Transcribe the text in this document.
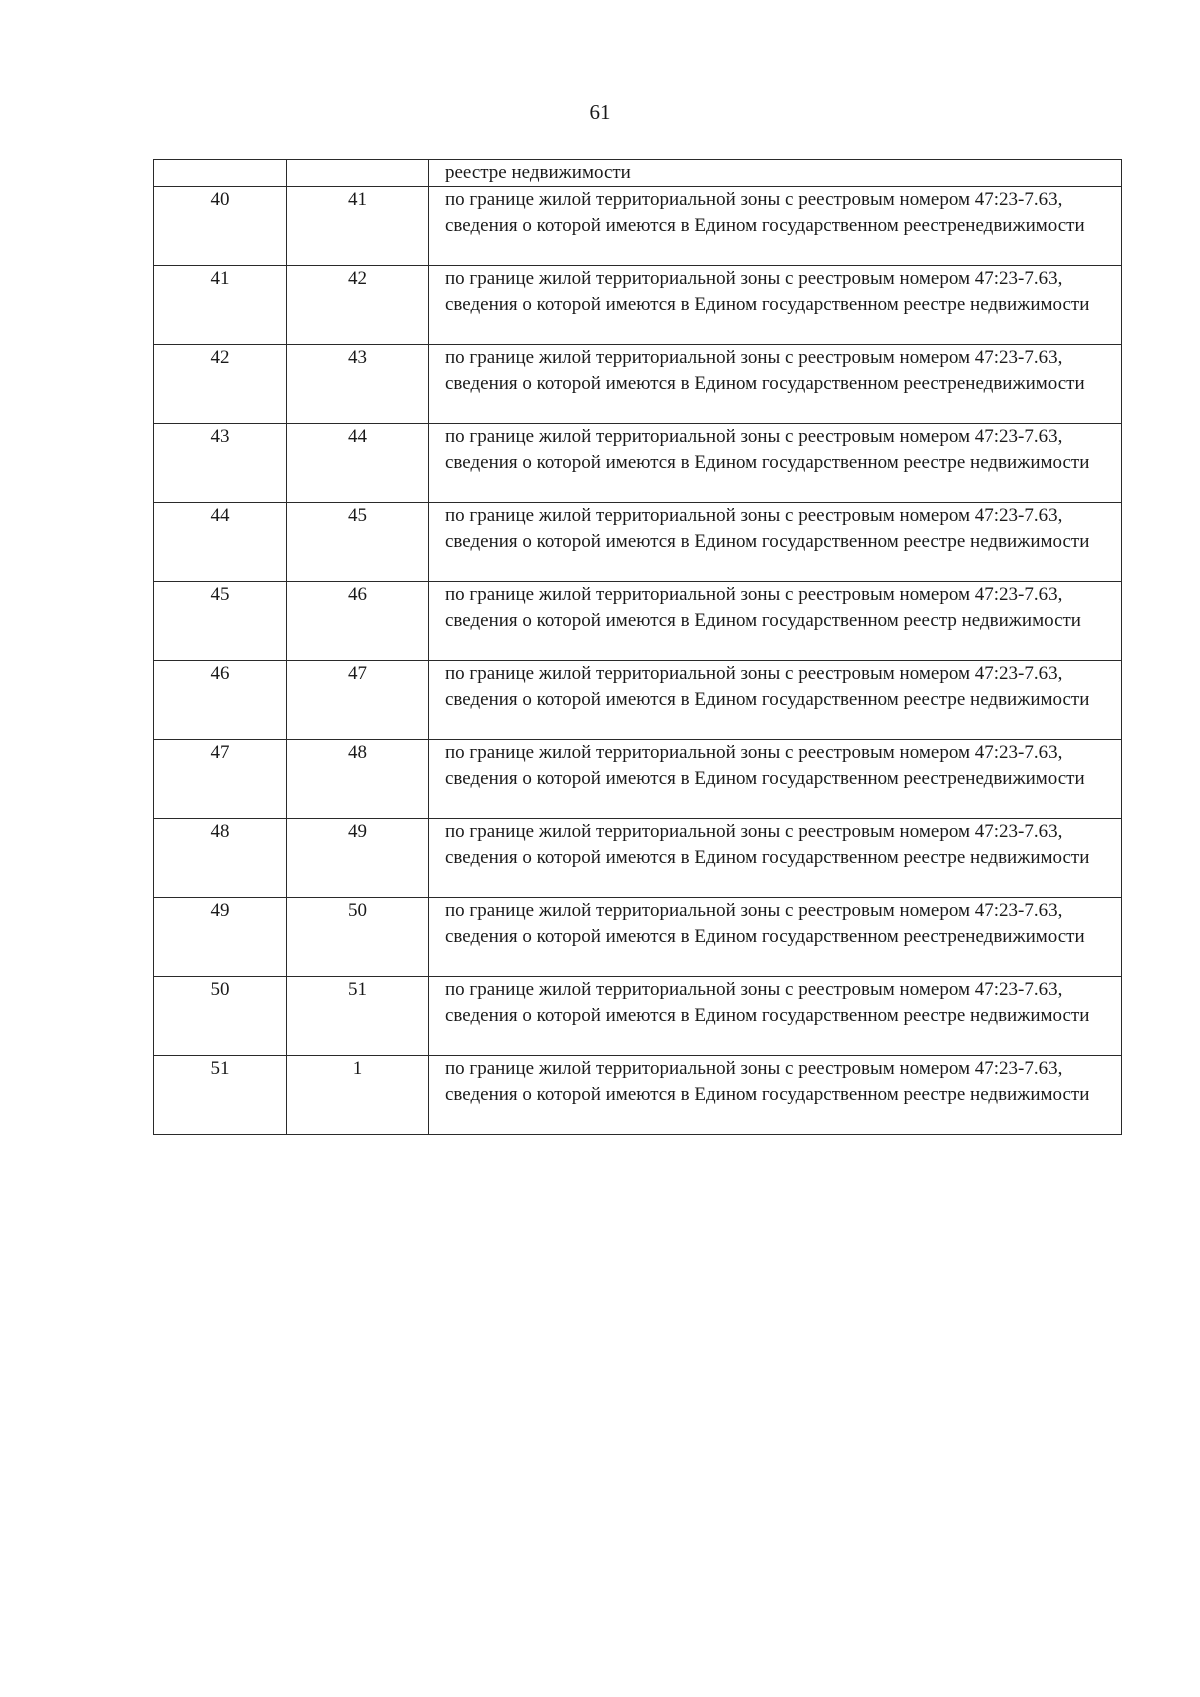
61
		реестре недвижимости
40	41	по границе жилой территориальной зоны с реестровым номером 47:23-7.63, сведения о которой имеются в Едином государственном реестренедвижимости
41	42	по границе жилой территориальной зоны с реестровым номером 47:23-7.63, сведения о которой имеются в Едином государственном реестре недвижимости
42	43	по границе жилой территориальной зоны с реестровым номером 47:23-7.63, сведения о которой имеются в Едином государственном реестренедвижимости
43	44	по границе жилой территориальной зоны с реестровым номером 47:23-7.63, сведения о которой имеются в Едином государственном реестре недвижимости
44	45	по границе жилой территориальной зоны с реестровым номером 47:23-7.63, сведения о которой имеются в Едином государственном реестре недвижимости
45	46	по границе жилой территориальной зоны с реестровым номером 47:23-7.63, сведения о которой имеются в Едином государственном реестр недвижимости
46	47	по границе жилой территориальной зоны с реестровым номером 47:23-7.63, сведения о которой имеются в Едином государственном реестре недвижимости
47	48	по границе жилой территориальной зоны с реестровым номером 47:23-7.63, сведения о которой имеются в Едином государственном реестренедвижимости
48	49	по границе жилой территориальной зоны с реестровым номером 47:23-7.63, сведения о которой имеются в Едином государственном реестре недвижимости
49	50	по границе жилой территориальной зоны с реестровым номером 47:23-7.63, сведения о которой имеются в Едином государственном реестренедвижимости
50	51	по границе жилой территориальной зоны с реестровым номером 47:23-7.63, сведения о которой имеются в Едином государственном реестре недвижимости
51	1	по границе жилой территориальной зоны с реестровым номером 47:23-7.63, сведения о которой имеются в Едином государственном реестре недвижимости
